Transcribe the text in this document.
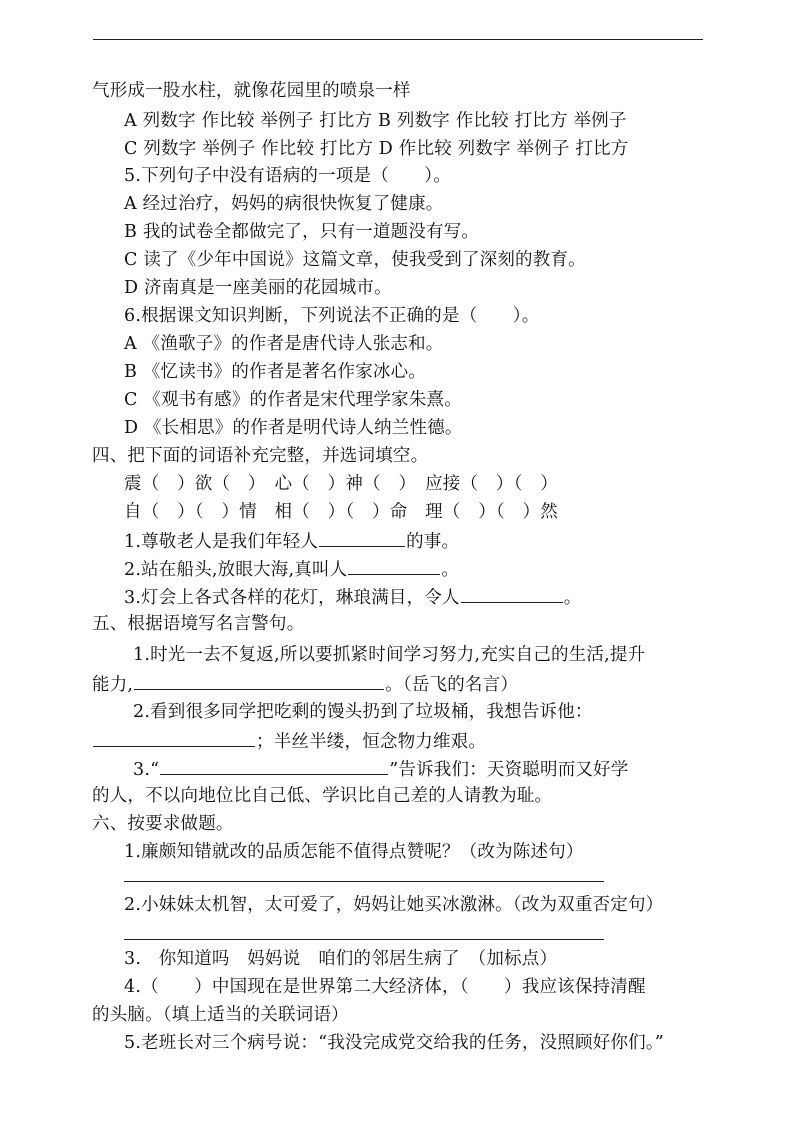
气形成一股水柱，就像花园里的喷泉一样
A 列数字 作比较 举例子 打比方 B 列数字 作比较 打比方 举例子
C 列数字 举例子 作比较 打比方 D 作比较 列数字 举例子 打比方
5.下列句子中没有语病的一项是（　　）。
A 经过治疗，妈妈的病很快恢复了健康。
B 我的试卷全都做完了，只有一道题没有写。
C 读了《少年中国说》这篇文章，使我受到了深刻的教育。
D 济南真是一座美丽的花园城市。
6.根据课文知识判断，下列说法不正确的是（　　）。
A 《渔歌子》的作者是唐代诗人张志和。
B 《忆读书》的作者是著名作家冰心。
C 《观书有感》的作者是宋代理学家朱熹。
D 《长相思》的作者是明代诗人纳兰性德。
四、把下面的词语补充完整，并选词填空。
震（　）欲（　）　心（　）神（　）　应接（　）（　）
自（　）（　）情　相（　）（　）命　理（　）（　）然
1.尊敬老人是我们年轻人	的事。
2.站在船头,放眼大海,真叫人	。
3.灯会上各式各样的花灯，琳琅满目，令人	。
五、根据语境写名言警句。
1.时光一去不复返,所以要抓紧时间学习努力,充实自己的生活,提升
能力,	。（岳飞的名言）
2.看到很多同学把吃剩的馒头扔到了垃圾桶，我想告诉他：
；半丝半缕，恒念物力维艰。
3.“	”告诉我们：天资聪明而又好学
的人，不以向地位比自己低、学识比自己差的人请教为耻。
六、按要求做题。
1.廉颇知错就改的品质怎能不值得点赞呢？（改为陈述句）
2.小妹妹太机智，太可爱了，妈妈让她买冰激淋。（改为双重否定句）
3.　你知道吗　妈妈说　咱们的邻居生病了　（加标点）
4.（　　）中国现在是世界第二大经济体，（　　）我应该保持清醒
的头脑。（填上适当的关联词语）
5.老班长对三个病号说：“我没完成党交给我的任务，没照顾好你们。”
